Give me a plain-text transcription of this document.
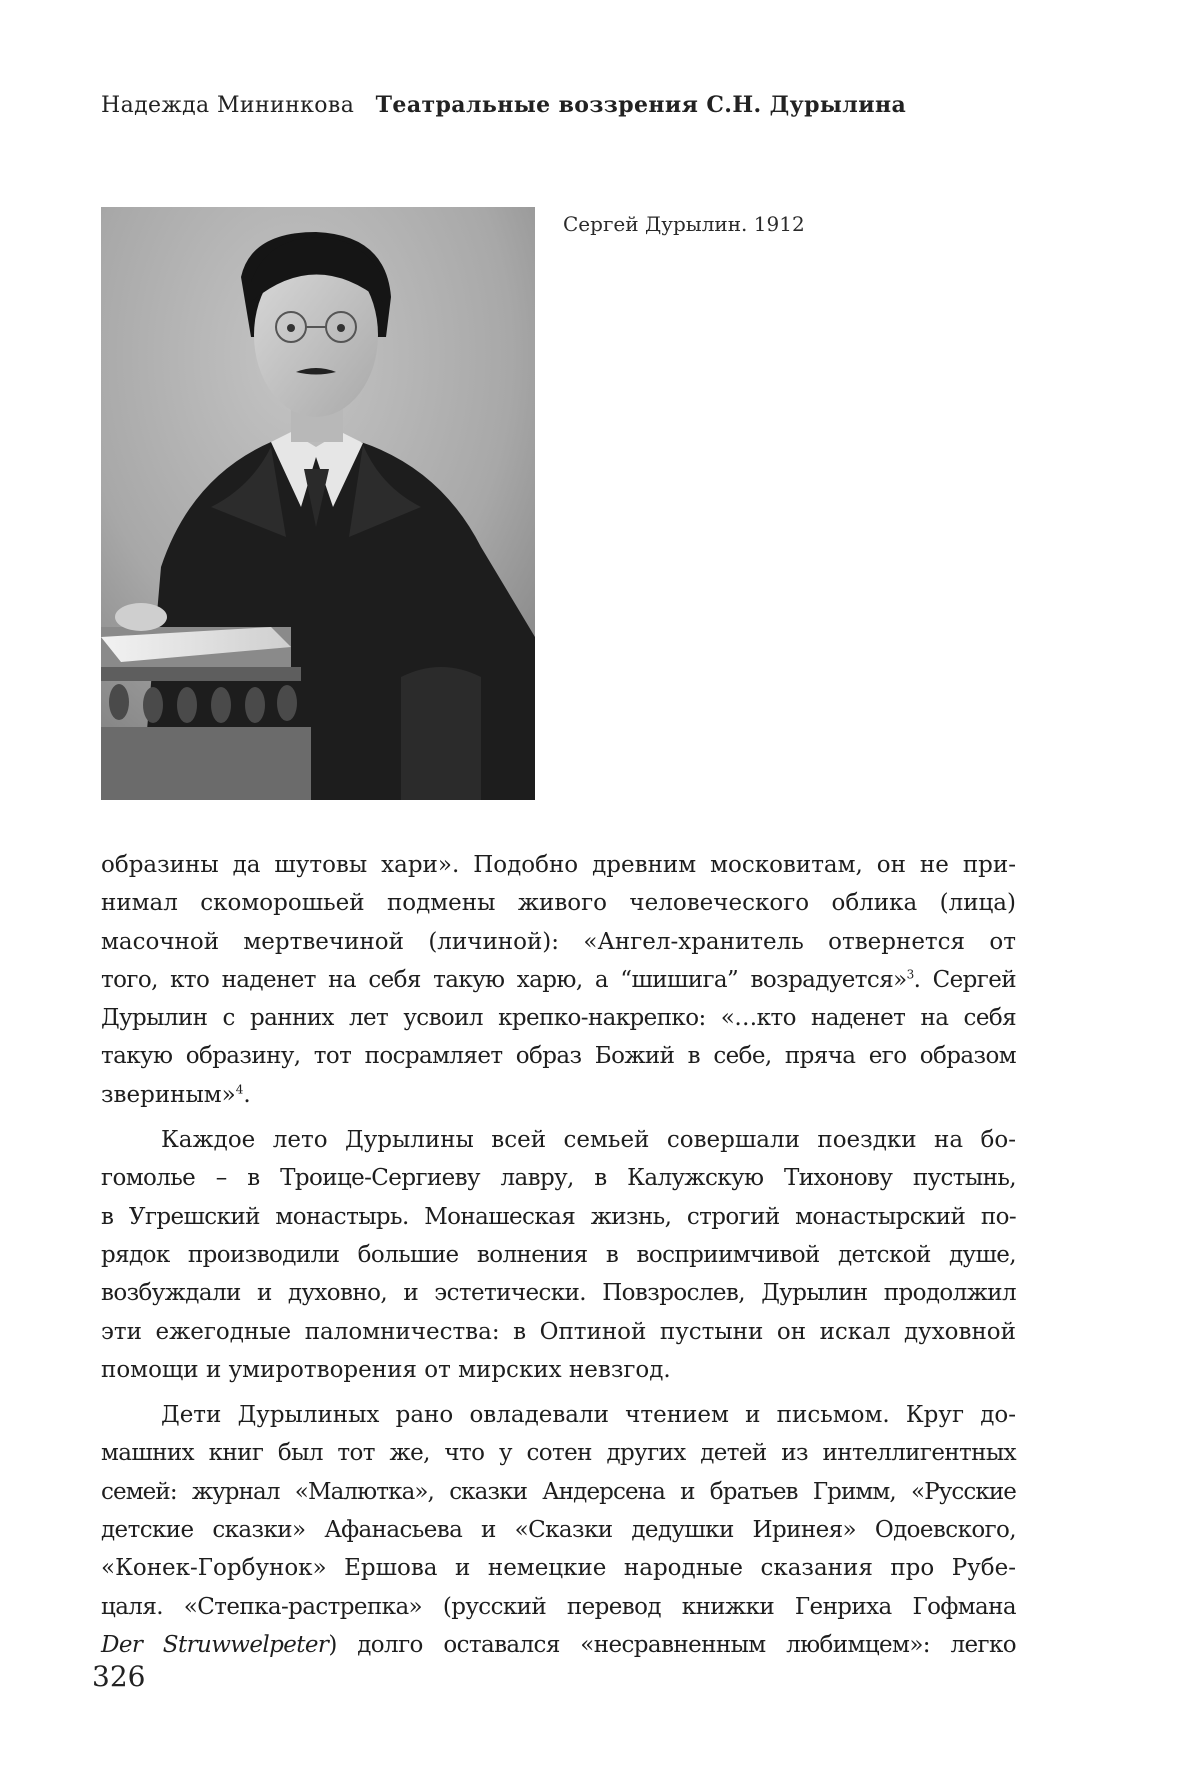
Надежда Мининкова Театральные воззрения С.Н. Дурылина
Сергей Дурылин. 1912

образины да шутовы хари». Подобно древним московитам, он не при-
нимал скоморошьей подмены живого человеческого облика (лица)
масочной мертвечиной (личиной): «Ангел-хранитель отвернется от
того, кто наденет на себя такую харю, а “шишига” возрадуется»$^3$. Сергей
Дурылин с ранних лет усвоил крепко-накрепко: «…кто наденет на себя
такую образину, тот посрамляет образ Божий в себе, пряча его образом
звериным»$^4$.

Каждое лето Дурылины всей семьей совершали поездки на бо-
гомолье – в Троице-Сергиеву лавру, в Калужскую Тихонову пустынь,
в Угрешский монастырь. Монашеская жизнь, строгий монастырский по-
рядок производили большие волнения в восприимчивой детской душе,
возбуждали и духовно, и эстетически. Повзрослев, Дурылин продолжил
эти ежегодные паломничества: в Оптиной пустыни он искал духовной
помощи и умиротворения от мирских невзгод.

Дети Дурылиных рано овладевали чтением и письмом. Круг до-
машних книг был тот же, что у сотен других детей из интеллигентных
семей: журнал «Малютка», сказки Андерсена и братьев Гримм, «Русские
детские сказки» Афанасьева и «Сказки дедушки Иринея» Одоевского,
«Конек-Горбунок» Ершова и немецкие народные сказания про Рубе-
цаля. «Степка-растрепка» (русский перевод книжки Генриха Гофмана
Der Struwwelpeter) долго оставался «несравненным любимцем»: легко

326
